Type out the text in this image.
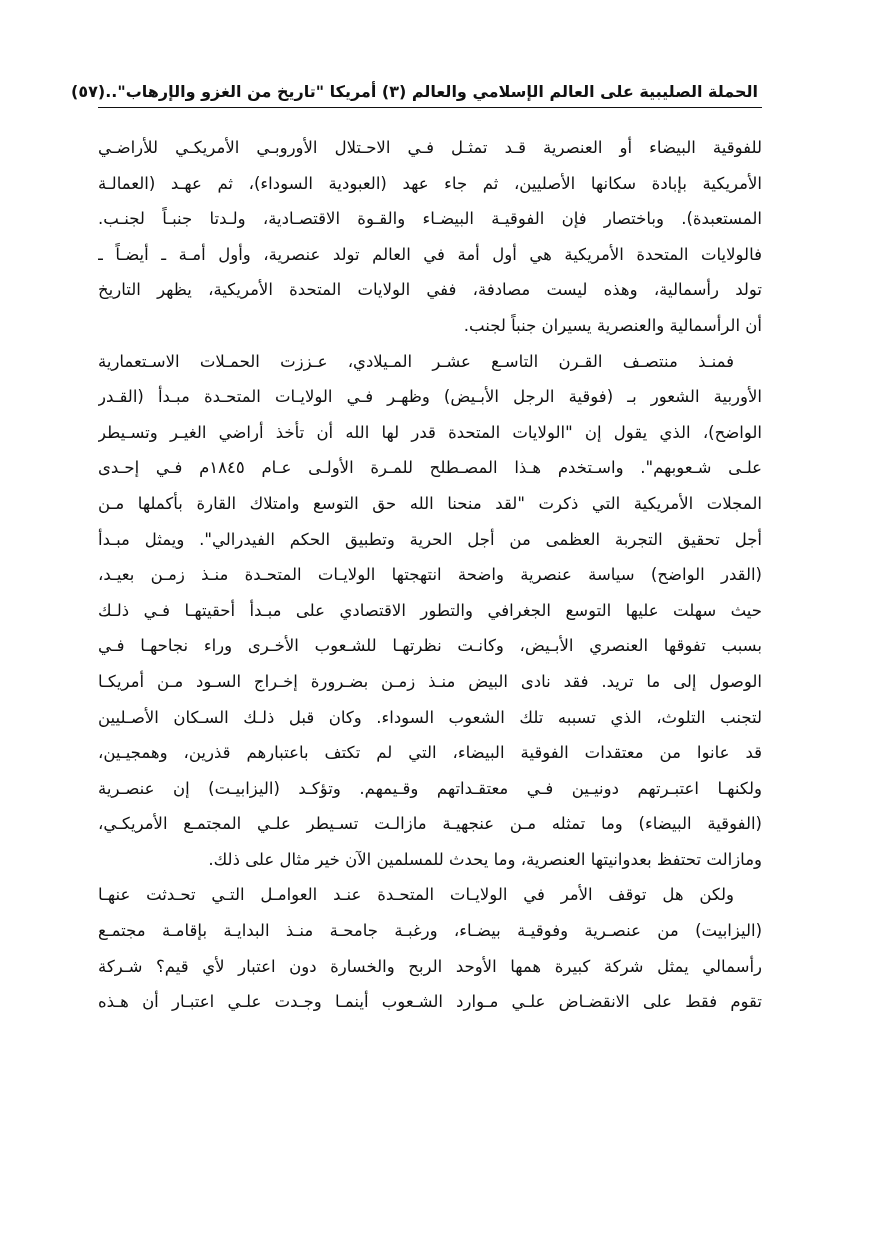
الحملة الصليبية على العالم الإسلامي والعالم (٣) أمريكا "تاريخ من الغزو والإرهاب"..
(٥٧)
للفوقية البيضاء أو العنصرية قـد تمثـل فـي الاحـتلال الأوروبـي الأمريكـي للأراضـي
الأمريكية بإبادة سكانها الأصليين، ثم جاء عهد (العبودية السوداء)، ثم عهـد (العمالـة
المستعبدة). وباختصار فإن الفوقيـة البيضـاء والقـوة الاقتصـادية، ولـدتا جنبـاً لجنـب.
فالولايات المتحدة الأمريكية هي أول أمة في العالم تولد عنصرية، وأول أمـة ـ أيضـاً ـ
تولد رأسمالية، وهذه ليست مصادفة، ففي الولايات المتحدة الأمريكية، يظهر التاريخ
أن الرأسمالية والعنصرية يسيران جنباً لجنب.
فمنـذ منتصـف القـرن التاسـع عشـر المـيلادي، عـززت الحمـلات الاسـتعمارية
الأوربية الشعور بـ (فوقية الرجل الأبـيض) وظهـر فـي الولايـات المتحـدة مبـدأ (القـدر
الواضح)، الذي يقول إن "الولايات المتحدة قدر لها الله أن تأخذ أراضي الغيـر وتسـيطر
علـى شـعوبهم". واسـتخدم هـذا المصـطلح للمـرة الأولـى عـام ١٨٤٥م فـي إحـدى
المجلات الأمريكية التي ذكرت "لقد منحنا الله حق التوسع وامتلاك القارة بأكملها مـن
أجل تحقيق التجربة العظمى من أجل الحرية وتطبيق الحكم الفيدرالي". ويمثل مبـدأ
(القدر الواضح) سياسة عنصرية واضحة انتهجتها الولايـات المتحـدة منـذ زمـن بعيـد،
حيث سهلت عليها التوسع الجغرافي والتطور الاقتصادي على مبـدأ أحقيتهـا فـي ذلـك
بسبب تفوقها العنصري الأبـيض، وكانـت نظرتهـا للشـعوب الأخـرى وراء نجاحهـا فـي
الوصول إلى ما تريد. فقد نادى البيض منـذ زمـن بضـرورة إخـراج السـود مـن أمريكـا
لتجنب التلوث، الذي تسببه تلك الشعوب السوداء. وكان قبل ذلـك السـكان الأصـليين
قد عانوا من معتقدات الفوقية البيضاء، التي لم تكتف باعتبارهم قذرين، وهمجيـين،
ولكنهـا اعتبـرتهم دونيـين فـي معتقـداتهم وقـيمهم. وتؤكـد (اليزابيـت) إن عنصـرية
(الفوقية البيضاء) وما تمثله مـن عنجهيـة مازالـت تسـيطر علـي المجتمـع الأمريكـي،
ومازالت تحتفظ بعدوانيتها العنصرية، وما يحدث للمسلمين الآن خير مثال على ذلك.
ولكن هل توقف الأمر في الولايـات المتحـدة عنـد العوامـل التـي تحـدثت عنهـا
(اليزابيت) من عنصـرية وفوقيـة بيضـاء، ورغبـة جامحـة منـذ البدايـة بإقامـة مجتمـع
رأسمالي يمثل شركة كبيرة همها الأوحد الربح والخسارة دون اعتبار لأي قيم؟ شـركة
تقوم فقط على الانقضـاض علـي مـوارد الشـعوب أينمـا وجـدت علـي اعتبـار أن هـذه
